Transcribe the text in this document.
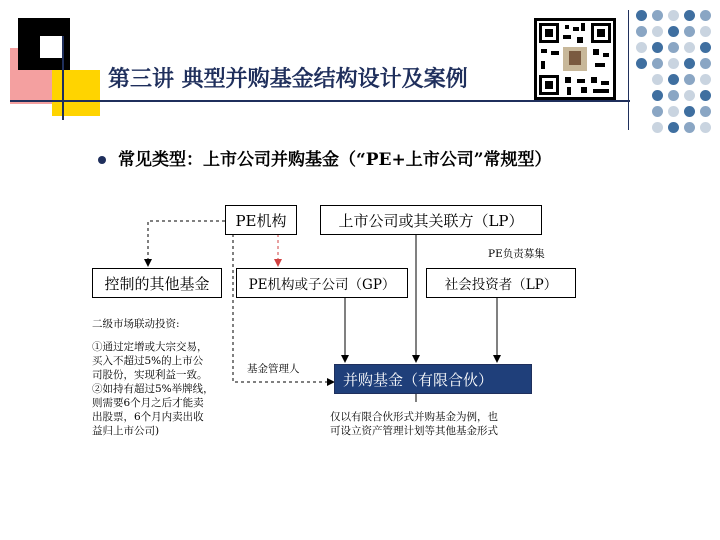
第三讲 典型并购基金结构设计及案例
常见类型：上市公司并购基金（“PE+上市公司”常规型）
PE机构	上市公司或其关联方（LP）
PE负责募集
控制的其他基金	PE机构或子公司（GP）	社会投资者（LP）
基金管理人
并购基金（有限合伙）
二级市场联动投资:
①通过定增或大宗交易，
买入不超过5%的上市公
司股份，实现利益一致。
②如持有超过5%举牌线，
则需要6个月之后才能卖
出股票，6个月内卖出收
益归上市公司)
仅以有限合伙形式并购基金为例，也
可设立资产管理计划等其他基金形式
